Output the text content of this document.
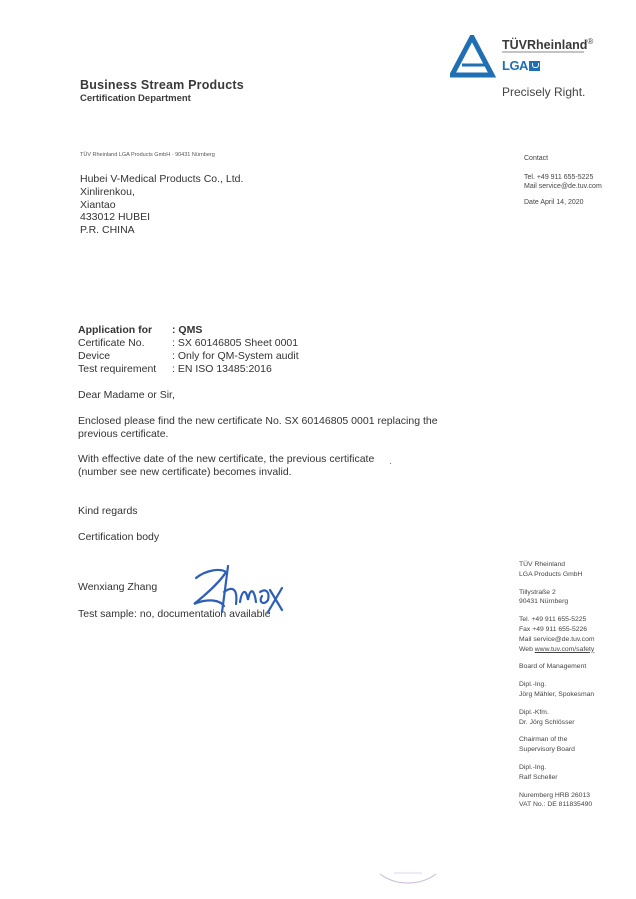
Business Stream Products
Certification Department
TÜVRheinland®
LGA
Precisely Right.
TÜV Rheinland LGA Products GmbH · 90431 Nürnberg
Hubei V-Medical Products Co., Ltd.
Xinlirenkou,
Xiantao
433012 HUBEI
P.R. CHINA
Contact
Tel. +49 911 655-5225
Mail service@de.tuv.com
Date April 14, 2020
Application for	: QMS
Certificate No.	: SX 60146805 Sheet 0001
Device	: Only for QM-System audit
Test requirement	: EN ISO 13485:2016
Dear Madame or Sir,
Enclosed please find the new certificate No. SX 60146805 0001 replacing the previous certificate.
With effective date of the new certificate, the previous certificate (number see new certificate) becomes invalid.
·
Kind regards
Certification body
Wenxiang Zhang
Test sample: no, documentation available
TÜV Rheinland
LGA Products GmbH
Tillystraße 2
90431 Nürnberg
Tel. +49 911 655-5225
Fax +49 911 655-5226
Mail service@de.tuv.com
Web www.tuv.com/safety
Board of Management
Dipl.-Ing.
Jörg Mähler, Spokesman
Dipl.-Kfm.
Dr. Jörg Schlösser
Chairman of the
Supervisory Board
Dipl.-Ing.
Ralf Scheller
Nuremberg HRB 26013
VAT No.: DE 811835490
